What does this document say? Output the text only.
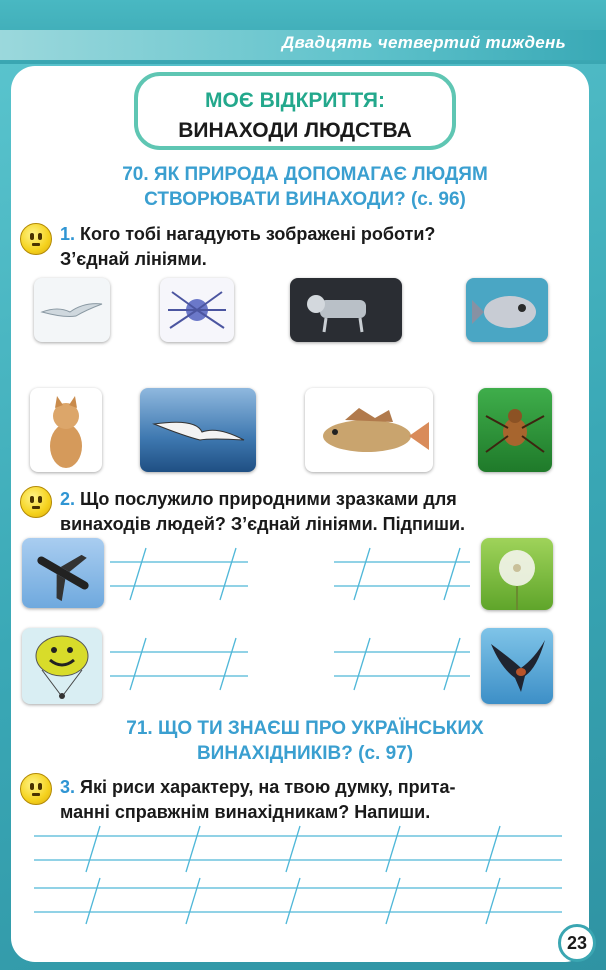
Двадцять четвертий тиждень
МОЄ ВІДКРИТТЯ:
ВИНАХОДИ ЛЮДСТВА
70. ЯК ПРИРОДА ДОПОМАГАЄ ЛЮДЯМ
СТВОРЮВАТИ ВИНАХОДИ? (с. 96)
1. Кого тобі нагадують зображені роботи?
З’єднай лініями.
2. Що послужило природними зразками для
винаходів людей? З’єднай лініями. Підпиши.
71. ЩО ТИ ЗНАЄШ ПРО УКРАЇНСЬКИХ
ВИНАХІДНИКІВ? (с. 97)
3. Які риси характеру, на твою думку, прита-
манні справжнім винахідникам? Напиши.
23
